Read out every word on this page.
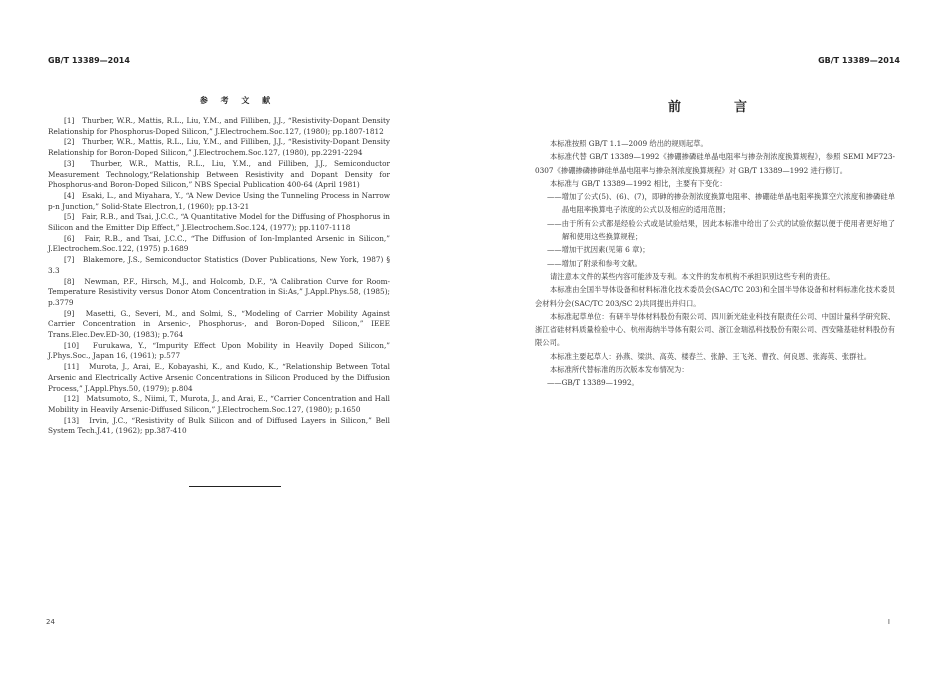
GB/T 13389—2014
参 考 文 献
[1]　Thurber, W.R., Mattis, R.L., Liu, Y.M., and Filliben, J.J., “Resistivity-Dopant Density Relationship for Phosphorus-Doped Silicon,” J.Electrochem.Soc.127, (1980); pp.1807-1812
[2]　Thurber, W.R., Mattis, R.L., Liu, Y.M., and Filliben, J.J., “Resistivity-Dopant Density Relationship for Boron-Doped Silicon,” J.Electrochem.Soc.127, (1980), pp.2291-2294
[3]　Thurber, W.R., Mattis, R.L., Liu, Y.M., and Filliben, J.J., Semiconductor Measurement Technology,“Relationship Between Resistivity and Dopant Density for Phosphorus-and Boron-Doped Silicon,” NBS Special Publication 400-64 (April 1981)
[4]　Esaki, L., and Miyahara, Y., “A New Device Using the Tunneling Process in Narrow p-n Junction,” Solid-State Electron,1, (1960); pp.13-21
[5]　Fair, R.B., and Tsai, J.C.C., “A Quantitative Model for the Diffusing of Phosphorus in Silicon and the Emitter Dip Effect,” J.Electrochem.Soc.124, (1977); pp.1107-1118
[6]　Fair, R.B., and Tsai, J.C.C., “The Diffusion of Ion-Implanted Arsenic in Silicon,” J.Electrochem.Soc.122, (1975) p.1689
[7]　Blakemore, J.S., Semiconductor Statistics (Dover Publications, New York, 1987) § 3.3
[8]　Newman, P.F., Hirsch, M.J., and Holcomb, D.F., “A Calibration Curve for Room-Temperature Resistivity versus Donor Atom Concentration in Si:As,” J.Appl.Phys.58, (1985); p.3779
[9]　Masetti, G., Severi, M., and Solmi, S., “Modeling of Carrier Mobility Against Carrier Concentration in Arsenic-, Phosphorus-, and Boron-Doped Silicon,” IEEE Trans.Elec.Dev.ED-30, (1983); p.764
[10]　Furukawa, Y., “Impurity Effect Upon Mobility in Heavily Doped Silicon,” J.Phys.Soc., Japan 16, (1961); p.577
[11]　Murota, J., Arai, E., Kobayashi, K., and Kudo, K., “Relationship Between Total Arsenic and Electrically Active Arsenic Concentrations in Silicon Produced by the Diffusion Process,” J.Appl.Phys.50, (1979); p.804
[12]　Matsumoto, S., Niimi, T., Murota, J., and Arai, E., “Carrier Concentration and Hall Mobility in Heavily Arsenic-Diffused Silicon,” J.Electrochem.Soc.127, (1980); p.1650
[13]　Irvin, J.C., “Resistivity of Bulk Silicon and of Diffused Layers in Silicon,” Bell System Tech.J.41, (1962); pp.387-410
24
GB/T 13389—2014
前　言

本标准按照 GB/T 1.1—2009 给出的规则起草。

本标准代替 GB/T 13389—1992《掺硼掺磷硅单晶电阻率与掺杂剂浓度换算规程》，参照 SEMI MF723-0307《掺硼掺磷掺砷硅单晶电阻率与掺杂剂浓度换算规程》对 GB/T 13389—1992 进行修订。

本标准与 GB/T 13389—1992 相比，主要有下变化：

——增加了公式(5)、(6)、(7)，即砷的掺杂剂浓度换算电阻率、掺硼硅单晶电阻率换算空穴浓度和掺磷硅单晶电阻率换算电子浓度的公式以及相应的适用范围；

——由于所有公式都是经验公式或是试验结果，因此本标准中给出了公式的试验依据以便于使用者更好地了解和使用这些换算规程；

——增加干扰因素(见第 6 章)；

——增加了附录和参考文献。

请注意本文件的某些内容可能涉及专利。本文件的发布机构不承担识别这些专利的责任。

本标准由全国半导体设备和材料标准化技术委员会(SAC/TC 203)和全国半导体设备和材料标准化技术委员会材料分会(SAC/TC 203/SC 2)共同提出并归口。

本标准起草单位：有研半导体材料股份有限公司、四川新光硅业科技有限责任公司、中国计量科学研究院、浙江省硅材料质量检验中心、杭州海纳半导体有限公司、浙江金瑞泓科技股份有限公司、西安隆基硅材料股份有限公司。

本标准主要起草人：孙燕、梁洪、高英、楼春兰、张静、王飞尧、曹孜、何良恩、张海英、张群社。

本标准所代替标准的历次版本发布情况为：

——GB/T 13389—1992。

I
